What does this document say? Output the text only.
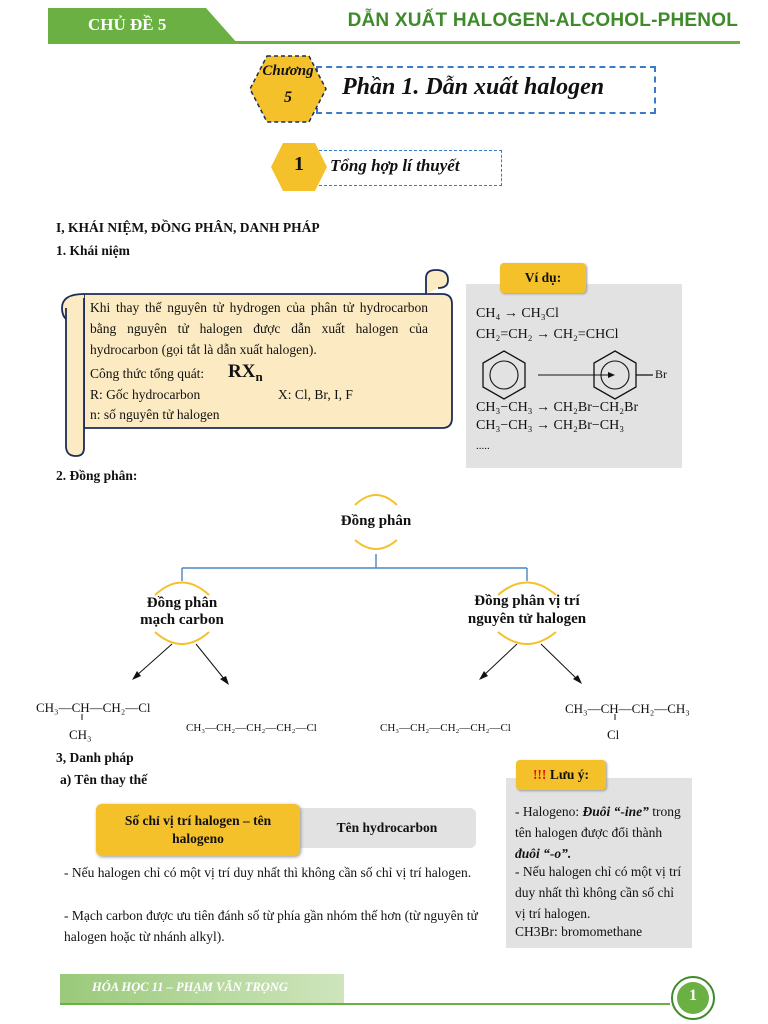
CHỦ ĐỀ 5	DẪN XUẤT HALOGEN-ALCOHOL-PHENOL
Phần 1. Dẫn xuất halogen
Chương
5
Tổng hợp lí thuyết
1
I, KHÁI NIỆM, ĐỒNG PHÂN, DANH PHÁP
1. Khái niệm
Khi thay thế nguyên tử hydrogen của phân tử hydrocarbon bằng nguyên tử halogen được dẫn xuất halogen của hydrocarbon (gọi tắt là dẫn xuất halogen).
Công thức tổng quát: $RX_n$
R: Gốc hydrocarbon	X: Cl, Br, I, F
n: số nguyên tử halogen
Ví dụ:
CH₄ → CH₃Cl
CH₂=CH₂ → CH₂=CHCl
Br
CH₃−CH₃ → CH₂Br−CH₂Br
CH₃−CH₃ → CH₂Br−CH₃
.....
2. Đồng phân:
Đồng phân
Đồng phân
mạch carbon
Đồng phân vị trí
nguyên tử halogen
CH₃—CH—CH₂—Cl
CH₃	CH₃—CH₂—CH₂—CH₂—Cl	CH₃—CH₂—CH₂—CH₂—Cl
CH₃—CH—CH₂—CH₃
Cl
3, Danh pháp
a) Tên thay thế
Tên hydrocarbon
Số chỉ vị trí halogen – tên halogeno
- Nếu halogen chỉ có một vị trí duy nhất thì không cần số chỉ vị trí halogen.
- Mạch carbon được ưu tiên đánh số từ phía gần nhóm thế hơn (từ nguyên tử halogen hoặc từ nhánh alkyl).
!!! Lưu ý:
- Halogeno: Đuôi “-ine” trong tên halogen được đổi thành đuôi “-o”.
- Nếu halogen chỉ có một vị trí duy nhất thì không cần số chỉ vị trí halogen.
CH3Br: bromomethane
HÓA HỌC 11 – PHẠM VĂN TRỌNG	1
